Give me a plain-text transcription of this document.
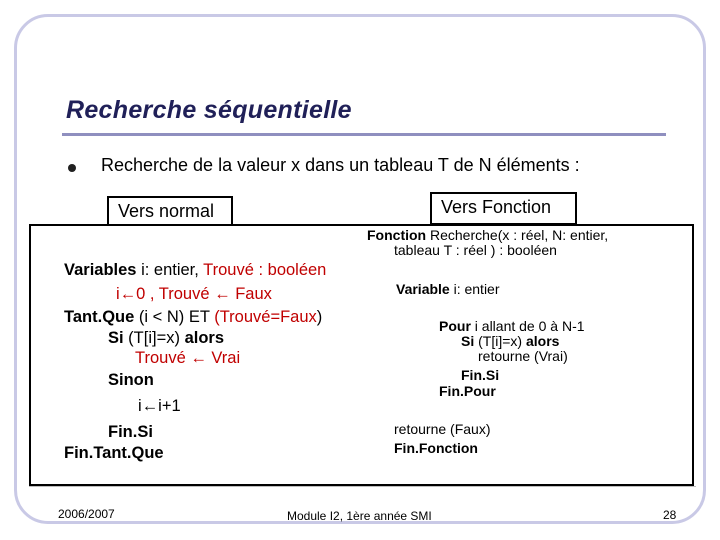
Recherche séquentielle
Recherche de la valeur x dans un tableau T de N éléments :
Vers normal	Vers Fonction
Variables i: entier, Trouvé : booléen
i←0 , Trouvé ← Faux
Tant.Que (i < N) ET (Trouvé=Faux)
Si (T[i]=x) alors
Trouvé ← Vrai
Sinon
i←i+1
Fin.Si
Fin.Tant.Que
Fonction Recherche(x : réel, N: entier,
tableau T : réel ) : booléen
Variable i: entier
Pour i allant de 0 à N-1
Si (T[i]=x) alors
retourne (Vrai)
Fin.Si
Fin.Pour
retourne (Faux)
Fin.Fonction
2006/2007	Module I2, 1ère année SMI	28
